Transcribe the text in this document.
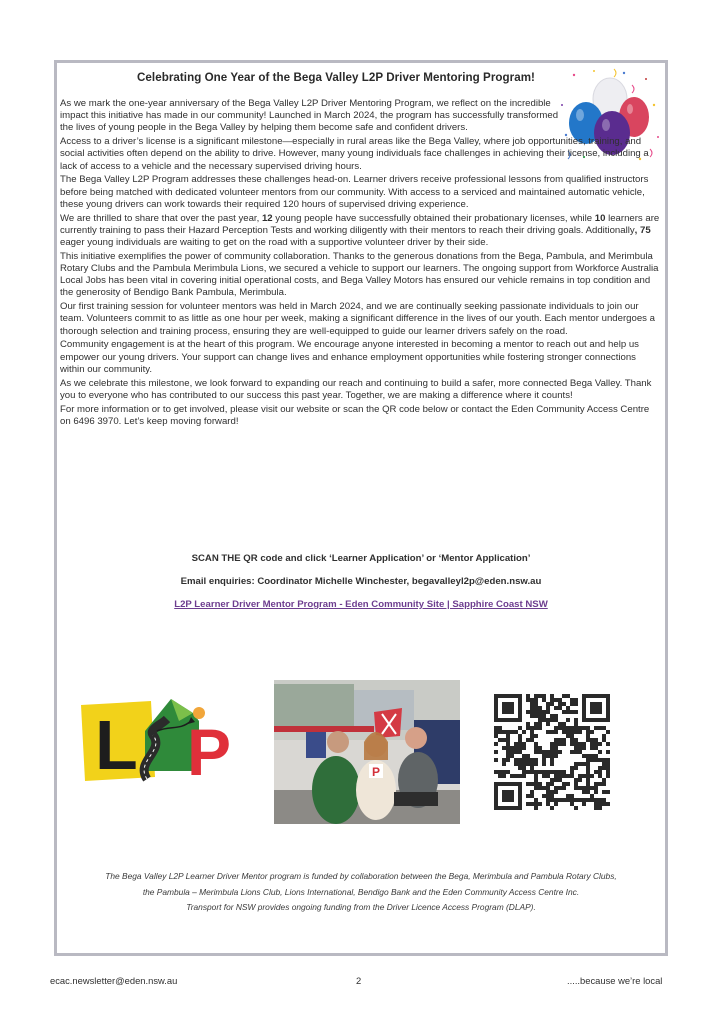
Celebrating One Year of the Bega Valley L2P Driver Mentoring Program!

As we mark the one-year anniversary of the Bega Valley L2P Driver Mentoring Program, we reflect on the incredible impact this initiative has made in our community! Launched in March 2024, the program has successfully transformed the lives of young people in the Bega Valley by helping them become safe and confident drivers.

Access to a driver’s license is a significant milestone—especially in rural areas like the Bega Valley, where job opportunities, training, and social activities often depend on the ability to drive. However, many young individuals face challenges in achieving their license, including a lack of access to a vehicle and the necessary supervised driving hours.

The Bega Valley L2P Program addresses these challenges head-on. Learner drivers receive professional lessons from qualified instructors before being matched with dedicated volunteer mentors from our community. With access to a serviced and maintained automatic vehicle, these young drivers can work towards their required 120 hours of supervised driving experience.

We are thrilled to share that over the past year, 12 young people have successfully obtained their probationary licenses, while 10 learners are currently training to pass their Hazard Perception Tests and working diligently with their mentors to reach their driving goals. Additionally, 75 eager young individuals are waiting to get on the road with a supportive volunteer driver by their side.

This initiative exemplifies the power of community collaboration. Thanks to the generous donations from the Bega, Pambula, and Merimbula Rotary Clubs and the Pambula Merimbula Lions, we secured a vehicle to support our learners. The ongoing support from Workforce Australia Local Jobs has been vital in covering initial operational costs, and Bega Valley Motors has ensured our vehicle remains in top condition and the generosity of Bendigo Bank Pambula, Merimbula.

Our first training session for volunteer mentors was held in March 2024, and we are continually seeking passionate individuals to join our team. Volunteers commit to as little as one hour per week, making a significant difference in the lives of our youth. Each mentor undergoes a thorough selection and training process, ensuring they are well-equipped to guide our learner drivers safely on the road.

Community engagement is at the heart of this program. We encourage anyone interested in becoming a mentor to reach out and help us empower our young drivers. Your support can change lives and enhance employment opportunities while fostering stronger connections within our community.

As we celebrate this milestone, we look forward to expanding our reach and continuing to build a safer, more connected Bega Valley. Thank you to everyone who has contributed to our success this past year. Together, we are making a difference where it counts!

For more information or to get involved, please visit our website or scan the QR code below or contact the Eden Community Access Centre on 6496 3970. Let’s keep moving forward!

SCAN THE QR code and click ‘Learner Application’ or ‘Mentor Application’
Email enquiries: Coordinator Michelle Winchester, begavalleyl2p@eden.nsw.au
L2P Learner Driver Mentor Program - Eden Community Site | Sapphire Coast NSW
L P	P
The Bega Valley L2P Learner Driver Mentor program is funded by collaboration between the Bega, Merimbula and Pambula Rotary Clubs,
the Pambula – Merimbula Lions Club, Lions International, Bendigo Bank and the Eden Community Access Centre Inc.
Transport for NSW provides ongoing funding from the Driver Licence Access Program (DLAP).
ecac.newsletter@eden.nsw.au	2	.....because we’re local
